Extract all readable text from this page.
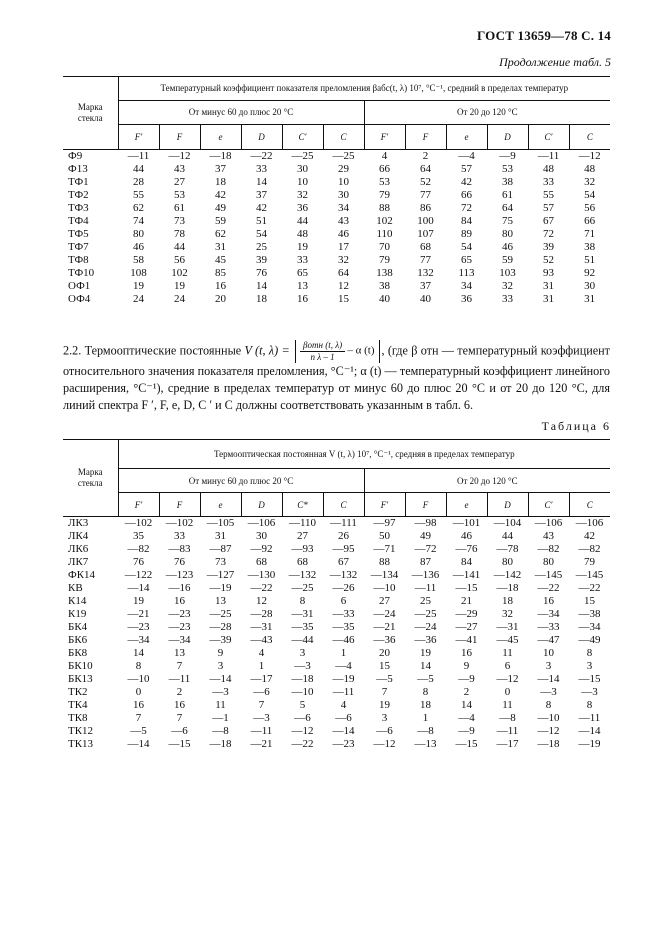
ГОСТ 13659—78 С. 14
Продолжение табл. 5
Марка
стекла	Температурный коэффициент показателя преломления βабс(t, λ) 10⁷, °С⁻¹, средний в пределах температур											
	От минус 60 до плюс 20 °С						От 20 до 120 °С					
	F′	F	e	D	C′	C	F′	F	e	D	C′	C
Ф9	—11	—12	—18	—22	—25	—25	4	2	—4	—9	—11	—12
Ф13	44	43	37	33	30	29	66	64	57	53	48	48
ТФ1	28	27	18	14	10	10	53	52	42	38	33	32
ТФ2	55	53	42	37	32	30	79	77	66	61	55	54
ТФ3	62	61	49	42	36	34	88	86	72	64	57	56
ТФ4	74	73	59	51	44	43	102	100	84	75	67	66
ТФ5	80	78	62	54	48	46	110	107	89	80	72	71
ТФ7	46	44	31	25	19	17	70	68	54	46	39	38
ТФ8	58	56	45	39	33	32	79	77	65	59	52	51
ТФ10	108	102	85	76	65	64	138	132	113	103	93	92
ОФ1	19	19	16	14	13	12	38	37	34	32	31	30
ОФ4	24	24	20	18	16	15	40	40	36	33	31	31
2.2. Термооптические постоянные V (t, $\lambda) = \frac{\text{βотн (t, λ)}}{\text{n λ – 1}} - \alpha$ (t) , (где β отн — температурный коэффициент относительного значения показателя преломления, °С⁻¹; α (t) — температурный коэффициент линейного расширения, °С⁻¹), средние в пределах температур от минус 60 до плюс 20 °С и от 20 до 120 °С, для линий спектра F ′, F, e, D, C ′ и C должны соответствовать указанным в табл. 6.
Таблица 6
Марка
стекла	Термооптическая постоянная V (t, λ) 10⁷, °С⁻¹, средняя в пределах температур											
	От минус 60 до плюс 20 °С						От 20 до 120 °С					
	F′	F	e	D	C*	C	F′	F	e	D	C′	C
ЛК3	—102	—102	—105	—106	—110	—111	—97	—98	—101	—104	—106	—106
ЛК4	35	33	31	30	27	26	50	49	46	44	43	42
ЛК6	—82	—83	—87	—92	—93	—95	—71	—72	—76	—78	—82	—82
ЛК7	76	76	73	68	68	67	88	87	84	80	80	79
ФК14	—122	—123	—127	—130	—132	—132	—134	—136	—141	—142	—145	—145
КВ	—14	—16	—19	—22	—25	—26	—10	—11	—15	—18	—22	—22
К14	19	16	13	12	8	6	27	25	21	18	16	15
К19	—21	—23	—25	—28	—31	—33	—24	—25	—29	32	—34	—38
БК4	—23	—23	—28	—31	—35	—35	—21	—24	—27	—31	—33	—34
БК6	—34	—34	—39	—43	—44	—46	—36	—36	—41	—45	—47	—49
БК8	14	13	9	4	3	1	20	19	16	11	10	8
БК10	8	7	3	1	—3	—4	15	14	9	6	3	3
БК13	—10	—11	—14	—17	—18	—19	—5	—5	—9	—12	—14	—15
ТК2	0	2	—3	—6	—10	—11	7	8	2	0	—3	—3
ТК4	16	16	11	7	5	4	19	18	14	11	8	8
ТК8	7	7	—1	—3	—6	—6	3	1	—4	—8	—10	—11
ТК12	—5	—6	—8	—11	—12	—14	—6	—8	—9	—11	—12	—14
ТК13	—14	—15	—18	—21	—22	—23	—12	—13	—15	—17	—18	—19
